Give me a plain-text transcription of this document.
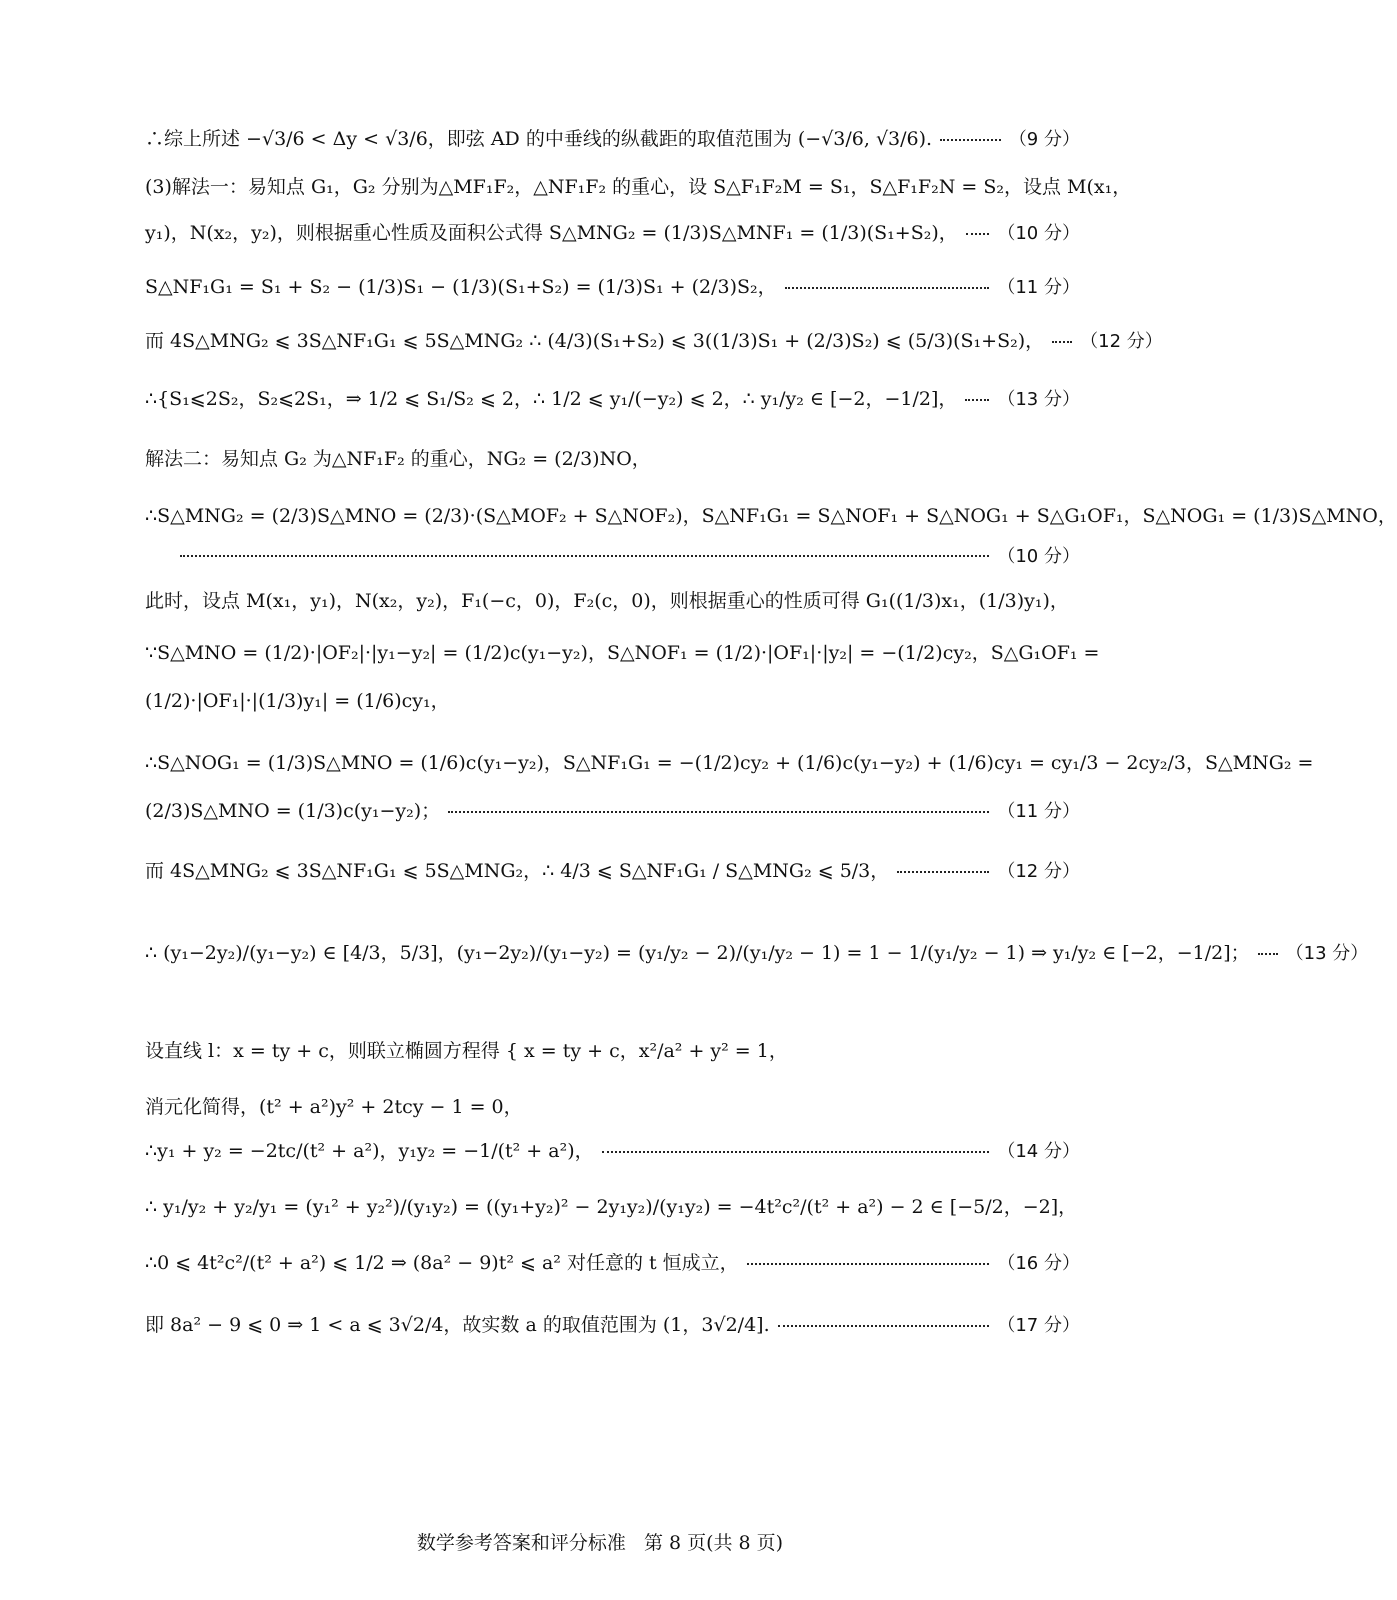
∴综上所述 −√3/6 < Δy < √3/6，即弦 AD 的中垂线的纵截距的取值范围为 (−√3/6, √3/6).	（9 分）
(3)解法一：易知点 G₁，G₂ 分别为△MF₁F₂，△NF₁F₂ 的重心，设 S△F₁F₂M = S₁，S△F₁F₂N = S₂，设点 M(x₁，
y₁)，N(x₂，y₂)，则根据重心性质及面积公式得 S△MNG₂ = (1/3)S△MNF₁ = (1/3)(S₁+S₂)， （10 分）
S△NF₁G₁ = S₁ + S₂ − (1/3)S₁ − (1/3)(S₁+S₂) = (1/3)S₁ + (2/3)S₂，	（11 分）
而 4S△MNG₂ ⩽ 3S△NF₁G₁ ⩽ 5S△MNG₂ ∴ (4/3)(S₁+S₂) ⩽ 3((1/3)S₁ + (2/3)S₂) ⩽ (5/3)(S₁+S₂)， （12 分）
∴{S₁⩽2S₂，S₂⩽2S₁，⇒ 1/2 ⩽ S₁/S₂ ⩽ 2，∴ 1/2 ⩽ y₁/(−y₂) ⩽ 2，∴ y₁/y₂ ∈ [−2，−1/2]， （13 分）
解法二：易知点 G₂ 为△NF₁F₂ 的重心，NG₂ = (2/3)NO，
∴S△MNG₂ = (2/3)S△MNO = (2/3)·(S△MOF₂ + S△NOF₂)，S△NF₁G₁ = S△NOF₁ + S△NOG₁ + S△G₁OF₁，S△NOG₁ = (1/3)S△MNO，
（10 分）
此时，设点 M(x₁，y₁)，N(x₂，y₂)，F₁(−c，0)，F₂(c，0)，则根据重心的性质可得 G₁((1/3)x₁，(1/3)y₁)，
∵S△MNO = (1/2)·|OF₂|·|y₁−y₂| = (1/2)c(y₁−y₂)，S△NOF₁ = (1/2)·|OF₁|·|y₂| = −(1/2)cy₂，S△G₁OF₁ =
(1/2)·|OF₁|·|(1/3)y₁| = (1/6)cy₁，
∴S△NOG₁ = (1/3)S△MNO = (1/6)c(y₁−y₂)，S△NF₁G₁ = −(1/2)cy₂ + (1/6)c(y₁−y₂) + (1/6)cy₁ = cy₁/3 − 2cy₂/3，S△MNG₂ =
(2/3)S△MNO = (1/3)c(y₁−y₂)；	（11 分）
而 4S△MNG₂ ⩽ 3S△NF₁G₁ ⩽ 5S△MNG₂，∴ 4/3 ⩽ S△NF₁G₁ / S△MNG₂ ⩽ 5/3，	（12 分）
∴ (y₁−2y₂)/(y₁−y₂) ∈ [4/3，5/3]，(y₁−2y₂)/(y₁−y₂) = (y₁/y₂ − 2)/(y₁/y₂ − 1) = 1 − 1/(y₁/y₂ − 1) ⇒ y₁/y₂ ∈ [−2，−1/2]； （13 分）
设直线 l：x = ty + c，则联立椭圆方程得 { x = ty + c，x²/a² + y² = 1，
消元化简得，(t² + a²)y² + 2tcy − 1 = 0，
∴y₁ + y₂ = −2tc/(t² + a²)，y₁y₂ = −1/(t² + a²)，	（14 分）
∴ y₁/y₂ + y₂/y₁ = (y₁² + y₂²)/(y₁y₂) = ((y₁+y₂)² − 2y₁y₂)/(y₁y₂) = −4t²c²/(t² + a²) − 2 ∈ [−5/2，−2]，
∴0 ⩽ 4t²c²/(t² + a²) ⩽ 1/2 ⇒ (8a² − 9)t² ⩽ a² 对任意的 t 恒成立，	（16 分）
即 8a² − 9 ⩽ 0 ⇒ 1 < a ⩽ 3√2/4，故实数 a 的取值范围为 (1，3√2/4].	（17 分）
数学参考答案和评分标准 第 8 页(共 8 页)
